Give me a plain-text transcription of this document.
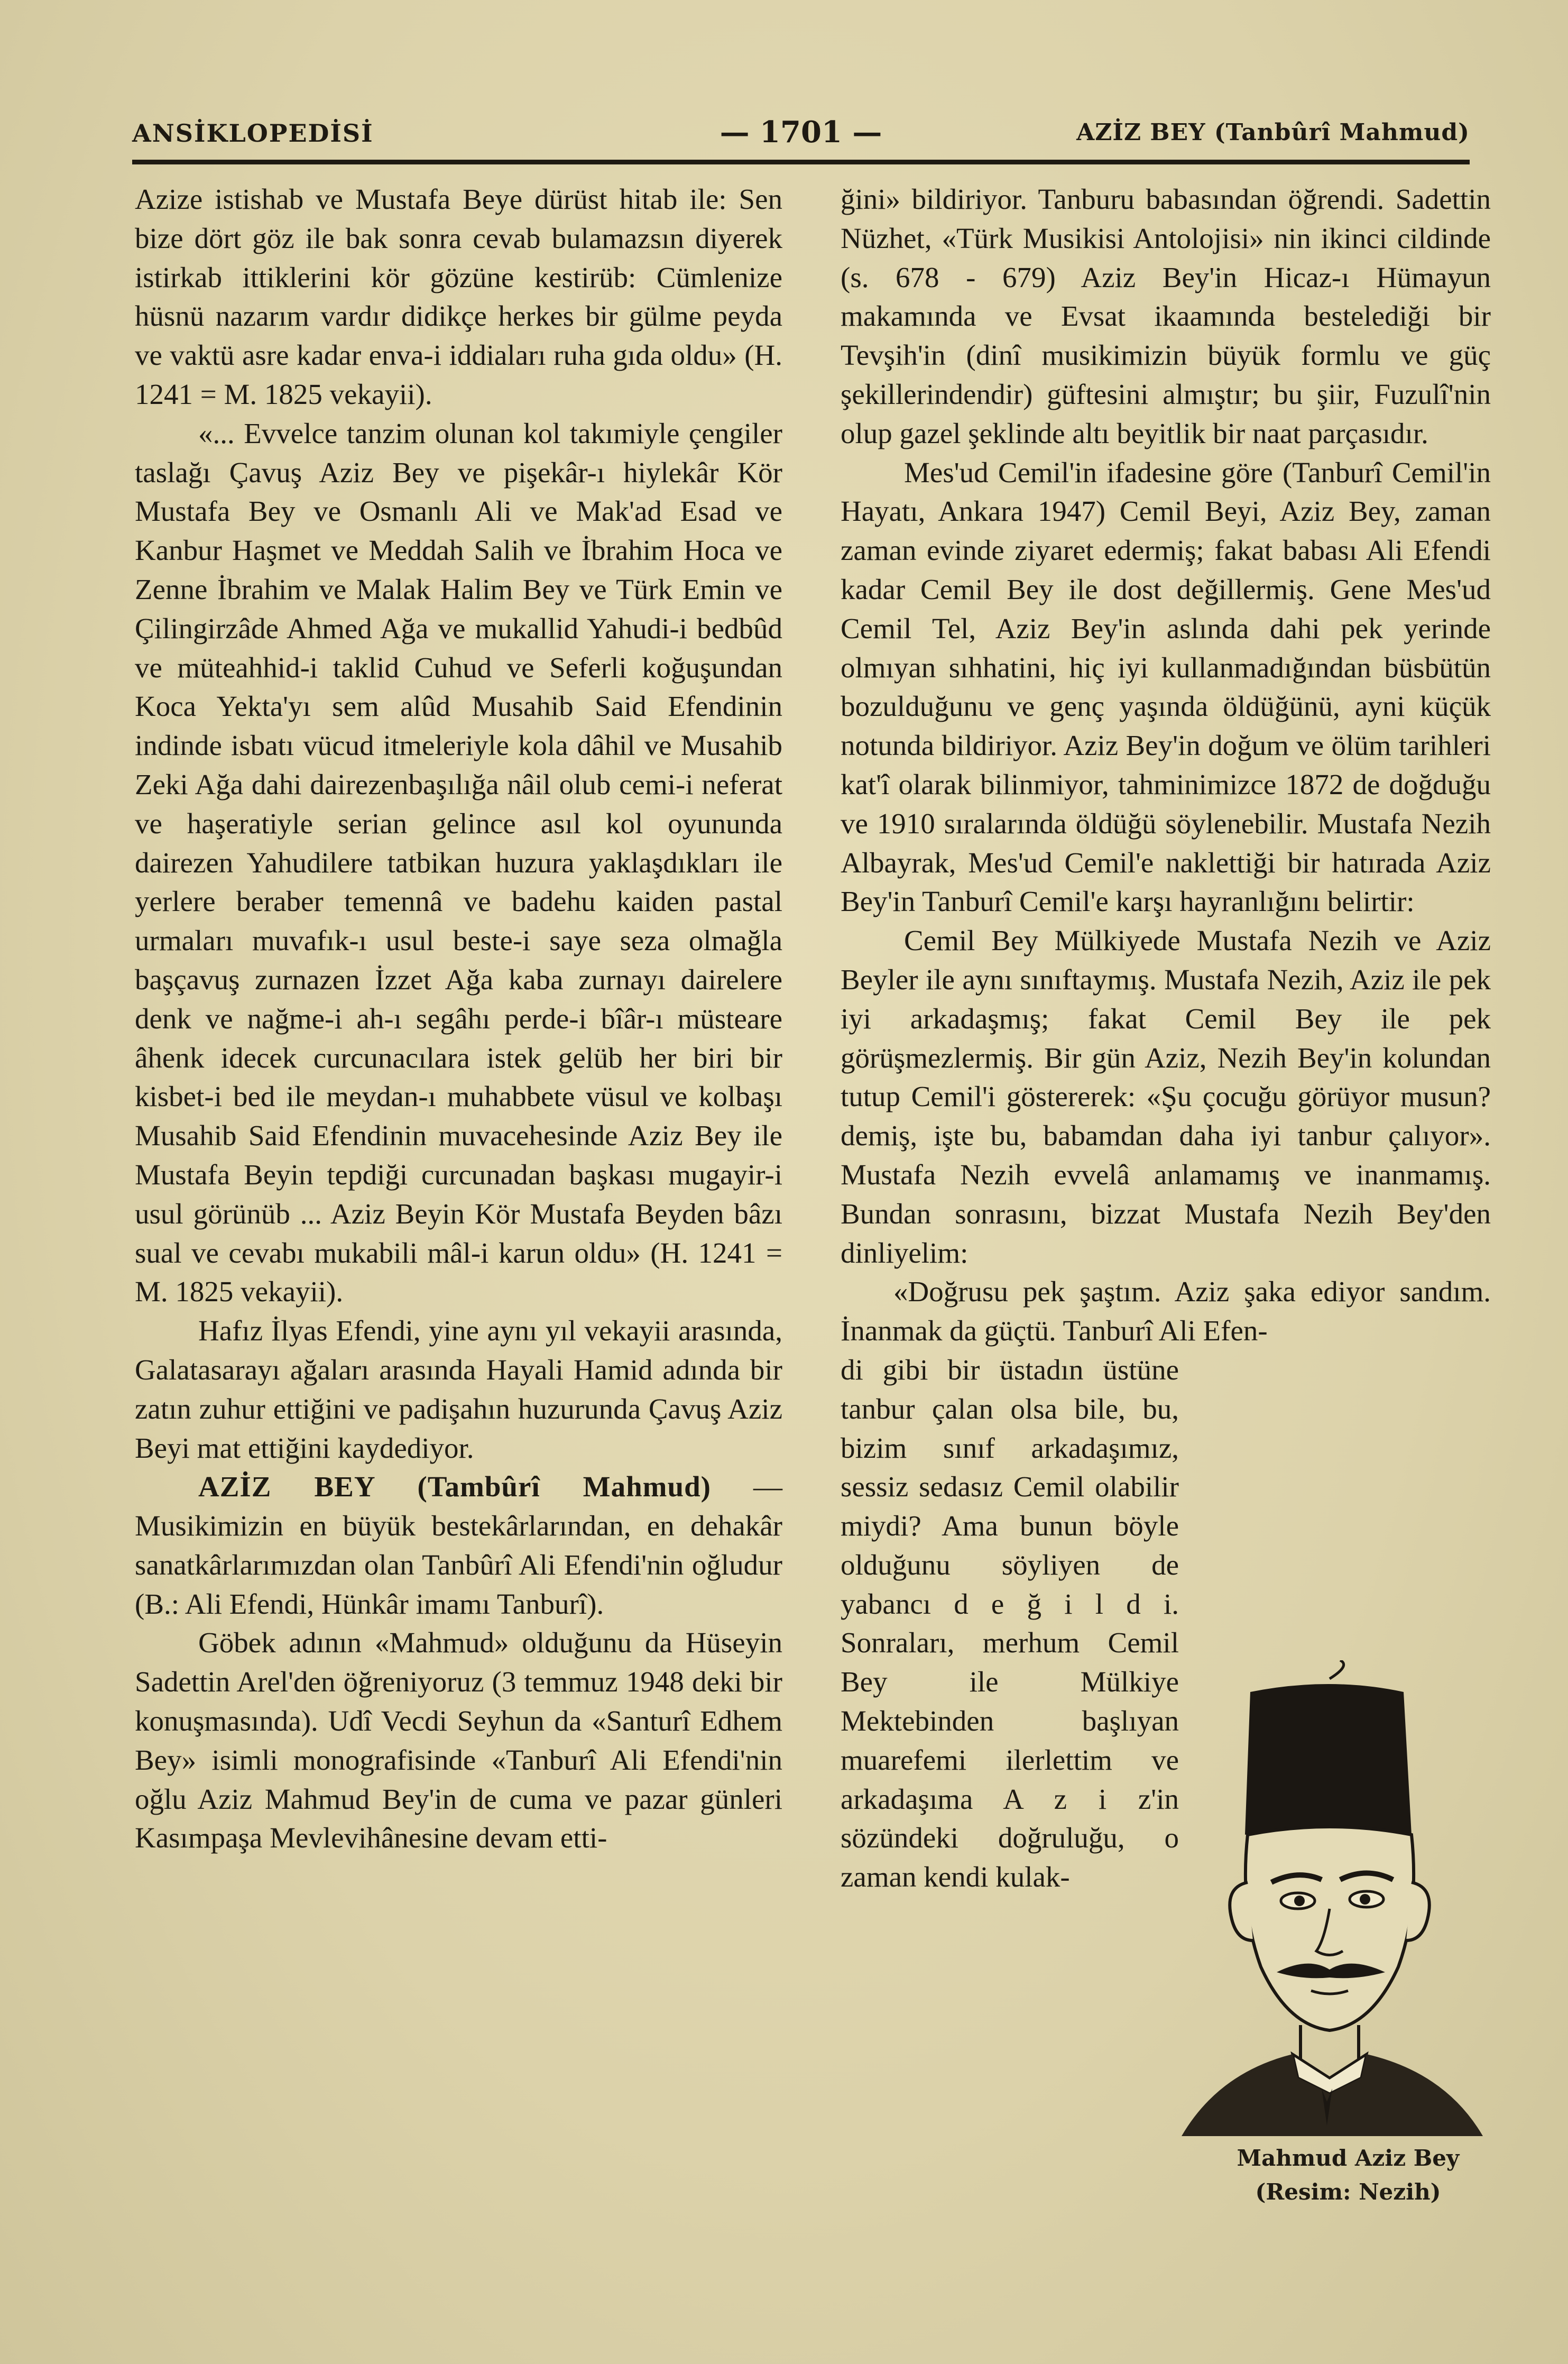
ANSİKLOPEDİSİ	— 1701 —	AZİZ BEY (Tanbûrî Mahmud)

Azize istishab ve Mustafa Beye dürüst hitab ile: Sen bize dört göz ile bak sonra cevab bulamazsın diyerek istirkab ittiklerini kör gözüne kestirüb: Cümlenize hüsnü nazarım vardır didikçe herkes bir gülme peyda ve vaktü asre kadar enva-i iddiaları ruha gıda oldu» (H. 1241 = M. 1825 vekayii).

«... Evvelce tanzim olunan kol takımiyle çengiler taslağı Çavuş Aziz Bey ve pişekâr-ı hiylekâr Kör Mustafa Bey ve Osmanlı Ali ve Mak'ad Esad ve Kanbur Haşmet ve Meddah Salih ve İbrahim Hoca ve Zenne İbrahim ve Malak Halim Bey ve Türk Emin ve Çilingirzâde Ahmed Ağa ve mukallid Yahudi-i bedbûd ve müteahhid-i taklid Cuhud ve Seferli koğuşundan Koca Yekta'yı sem alûd Musahib Said Efendinin indinde isbatı vücud itmeleriyle kola dâhil ve Musahib Zeki Ağa dahi dairezenbaşılığa nâil olub cemi-i neferat ve haşeratiyle serian gelince asıl kol oyununda dairezen Yahudilere tatbikan huzura yaklaşdıkları ile yerlere beraber temennâ ve badehu kaiden pastal urmaları muvafık-ı usul beste-i saye seza olmağla başçavuş zurnazen İzzet Ağa kaba zurnayı dairelere denk ve nağme-i ah-ı segâhı perde-i bîâr-ı müsteare âhenk idecek curcunacılara istek gelüb her biri bir kisbet-i bed ile meydan-ı muhabbete vüsul ve kolbaşı Musahib Said Efendinin muvacehesinde Aziz Bey ile Mustafa Beyin tepdiği curcunadan başkası mugayir-i usul görünüb ... Aziz Beyin Kör Mustafa Beyden bâzı sual ve cevabı mukabili mâl-i karun oldu» (H. 1241 = M. 1825 vekayii).

Hafız İlyas Efendi, yine aynı yıl vekayii arasında, Galatasarayı ağaları arasında Hayali Hamid adında bir zatın zuhur ettiğini ve padişahın huzurunda Çavuş Aziz Beyi mat ettiğini kaydediyor.

AZİZ BEY (Tambûrî Mahmud) — Musikimizin en büyük bestekârlarından, en dehakâr sanatkârlarımızdan olan Tanbûrî Ali Efendi'nin oğludur (B.: Ali Efendi, Hünkâr imamı Tanburî).

Göbek adının «Mahmud» olduğunu da Hüseyin Sadettin Arel'den öğreniyoruz (3 temmuz 1948 deki bir konuşmasında). Udî Vecdi Seyhun da «Santurî Edhem Bey» isimli monografisinde «Tanburî Ali Efendi'nin oğlu Aziz Mahmud Bey'in de cuma ve pazar günleri Kasımpaşa Mevlevihânesine devam etti-

ğini» bildiriyor. Tanburu babasından öğrendi. Sadettin Nüzhet, «Türk Musikisi Antolojisi» nin ikinci cildinde (s. 678 - 679) Aziz Bey'in Hicaz-ı Hümayun makamında ve Evsat ikaamında bestelediği bir Tevşih'in (dinî musikimizin büyük formlu ve güç şekillerindendir) güftesini almıştır; bu şiir, Fuzulî'nin olup gazel şeklinde altı beyitlik bir naat parçasıdır.

Mes'ud Cemil'in ifadesine göre (Tanburî Cemil'in Hayatı, Ankara 1947) Cemil Beyi, Aziz Bey, zaman zaman evinde ziyaret edermiş; fakat babası Ali Efendi kadar Cemil Bey ile dost değillermiş. Gene Mes'ud Cemil Tel, Aziz Bey'in aslında dahi pek yerinde olmıyan sıhhatini, hiç iyi kullanmadığından büsbütün bozulduğunu ve genç yaşında öldüğünü, ayni küçük notunda bildiriyor. Aziz Bey'in doğum ve ölüm tarihleri kat'î olarak bilinmiyor, tahminimizce 1872 de doğduğu ve 1910 sıralarında öldüğü söylenebilir. Mustafa Nezih Albayrak, Mes'ud Cemil'e naklettiği bir hatırada Aziz Bey'in Tanburî Cemil'e karşı hayranlığını belirtir:

Cemil Bey Mülkiyede Mustafa Nezih ve Aziz Beyler ile aynı sınıftaymış. Mustafa Nezih, Aziz ile pek iyi arkadaşmış; fakat Cemil Bey ile pek görüşmezlermiş. Bir gün Aziz, Nezih Bey'in kolundan tutup Cemil'i göstererek: «Şu çocuğu görüyor musun? demiş, işte bu, babamdan daha iyi tanbur çalıyor». Mustafa Nezih evvelâ anlamamış ve inanmamış. Bundan sonrasını, bizzat Mustafa Nezih Bey'den dinliyelim:

«Doğrusu pek şaştım. Aziz şaka ediyor sandım. İnanmak da güçtü. Tanburî Ali Efen-

di gibi bir üstadın üstüne tanbur çalan olsa bile, bu, bizim sınıf arkadaşımız, sessiz sedasız Cemil olabilir miydi? Ama bunun böyle olduğunu söyliyen de yabancı d e ğ i l d i. Sonraları, merhum Cemil Bey ile Mülkiye Mektebinden başlıyan muarefemi ilerlettim ve arkadaşıma A z i z'in sözündeki doğruluğu, o zaman kendi kulak-

Mahmud Aziz Bey
(Resim: Nezih)
